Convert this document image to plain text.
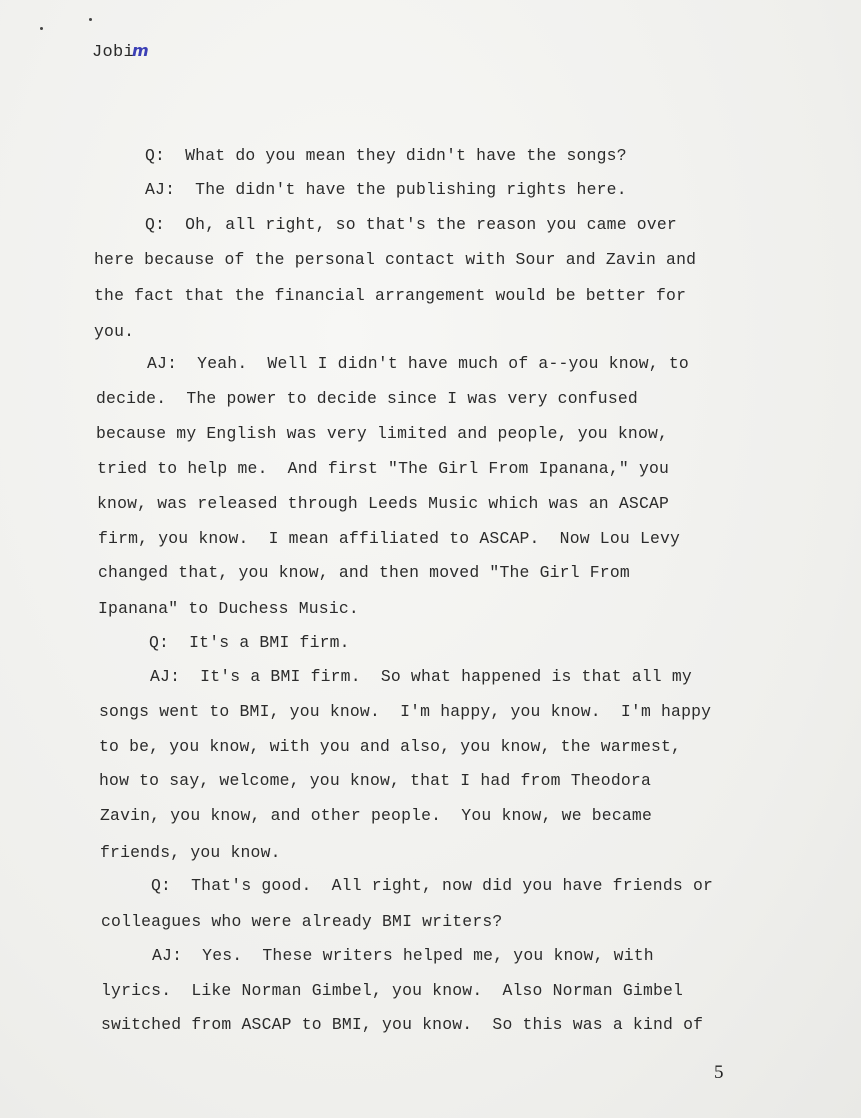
Jobim
Q:  What do you mean they didn't have the songs?
AJ:  The didn't have the publishing rights here.
Q:  Oh, all right, so that's the reason you came over
here because of the personal contact with Sour and Zavin and
the fact that the financial arrangement would be better for
you.
AJ:  Yeah.  Well I didn't have much of a--you know, to
decide.  The power to decide since I was very confused
because my English was very limited and people, you know,
tried to help me.  And first "The Girl From Ipanana," you
know, was released through Leeds Music which was an ASCAP
firm, you know.  I mean affiliated to ASCAP.  Now Lou Levy
changed that, you know, and then moved "The Girl From
Ipanana" to Duchess Music.
Q:  It's a BMI firm.
AJ:  It's a BMI firm.  So what happened is that all my
songs went to BMI, you know.  I'm happy, you know.  I'm happy
to be, you know, with you and also, you know, the warmest,
how to say, welcome, you know, that I had from Theodora
Zavin, you know, and other people.  You know, we became
friends, you know.
Q:  That's good.  All right, now did you have friends or
colleagues who were already BMI writers?
AJ:  Yes.  These writers helped me, you know, with
lyrics.  Like Norman Gimbel, you know.  Also Norman Gimbel
switched from ASCAP to BMI, you know.  So this was a kind of
5
